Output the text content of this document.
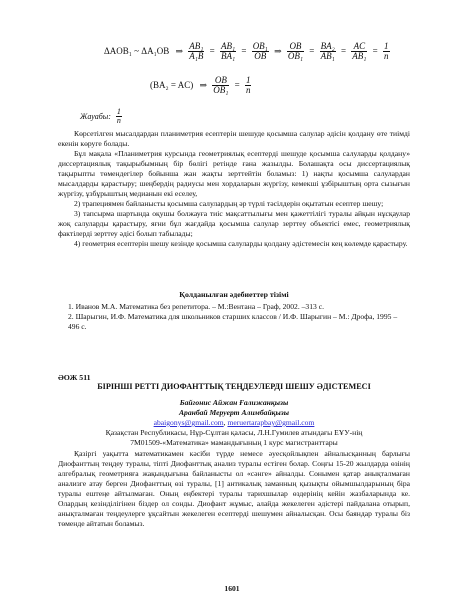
ΔAOB₁ ~ ΔA₁OB ⇒ $\frac{\text{AB₁}}{\text{A₁B}} = \frac{\text{AB₁}}{\text{BA₁}} = \frac{\text{OB₁}}{OB}$ ⇒ $\frac{OB}{\text{OB₁}} = \frac{\text{BA₂}}{\text{AB₁}} = \frac{AC}{\text{AB₁}} = \frac{1}{n}$
(BA₂ = AC) ⇒ $\frac{OB}{\text{OB₁}} = \frac{1}{n}$
Жауабы: $\frac{1}{n}$

Көрсетілген мысалдардан планиметрия есептерін шешуде қосымша салулар әдісін қолдану өте тиімді екенін көруге болады.

Бұл мақала «Планиметрия курсында геометриялық есептерді шешуде қосымша салуларды қолдану» диссертациялық тақырыбымның бір бөлігі ретінде ғана жазылды. Болашақта осы диссертациялық тақырыпты төмендегілер бойынша жан жақты зерттейтін боламыз: 1) нақты қосымша салулардан мысалдарды қарастыру; шеңбердің радиусы мен хордаларын жүргізу, кемекші ұзбірыштың орта сызығын жүргізу, ұзбұрыштың медианын екі еселеу,

2) трапециямен байланысты қосымша салулардың әр түрлі тәсілдерін оқытатын есептер шешу;

3) тапсырма шартында оқушы болжауға тиіс мақсаттылығы мен қажеттілігі туралы айқын нұсқаулар жоқ салуларды қарастыру, яғни бұл жағдайда қосымша салулар зерттеу объектісі емес, геометриялық фактілерді зерттеу әдісі болып табылады;

4) геометрия есептерін шешу кезінде қосымша салуларды қолдану әдістемесін кең көлемде қарастыру.

Қолданылған әдебиеттер тізімі

1. Иванов М.А. Математика без репетитора. – М.:Вентана – Граф, 2002. –313 с.

2. Шарыгин, И.Ф. Математика для школьников старших классов / И.Ф. Шарыгин – М.: Дрофа, 1995 – 496 с.

ӘОЖ 511
БІРІНШІ РЕТТІ ДИОФАНТТЫҚ ТЕҢДЕУЛЕРДІ ШЕШУ ӘДІСТЕМЕСІ
Байгонис Айжан Ғалижанқызы
Аранбай Меруерт Алимбайқызы
abaigonys@gmail.com, meruertarapbay@gmail.com
Қазақстан Республикасы, Нұр-Сұлтан қаласы, Л.Н.Гумилев атындағы ЕҰУ-нің
7М01509-«Математика» мамандығының 1 курс магистранттары

Қазіргі уақытта математикамен кәсіби түрде немесе әуесқойлықпен айналысқанның барлығы Диофанттың теңдеу туралы, тіпті Диофанттық анализ туралы естіген болар. Соңғы 15-20 жылдарда өзінің алгебралық геометрияға жақындығына байланысты ол «сәнге» айналды. Сонымен қатар анықталмаған анализге атау берген Диофанттың өзі туралы, [1] антикалық заманның қызықты ойымшылдарының біра туралы ештеңе айтылмаған. Оның еңбектері туралы тарихшылар өздерінің кейін жазбаларында ке. Олардың кезінділігінен біздер ол сонды. Диофант жұмыс, алайда жекелеген әдістері пайдалана отырып, анықталмаған теңдеулерге ұқсайтын жекелеген есептерді шешумен айналысқан. Осы баяндар туралы біз төменде айтатын боламыз.

1601
